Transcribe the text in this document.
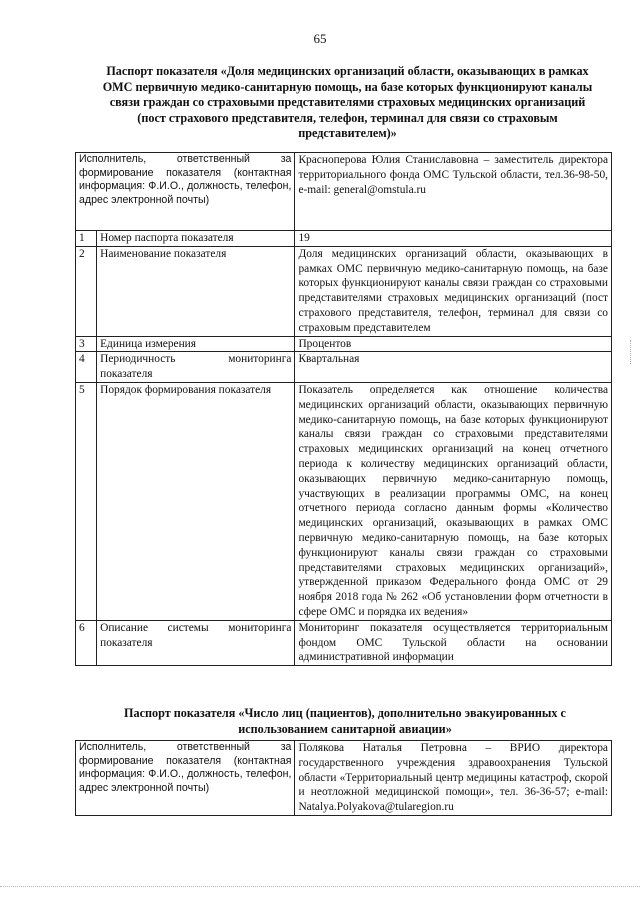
65
Паспорт показателя «Доля медицинских организаций области, оказывающих в рамках ОМС первичную медико-санитарную помощь, на базе которых функционируют каналы связи граждан со страховыми представителями страховых медицинских организаций (пост страхового представителя, телефон, терминал для связи со страховым представителем)»
Исполнитель, ответственный за формирование показателя (контактная информация: Ф.И.О., должность, телефон, адрес электронной почты)		Красноперова Юлия Станиславовна – заместитель директора территориального фонда ОМС Тульской области, тел.36-98-50, e-mail: general@omstula.ru
1	Номер паспорта показателя	19
2	Наименование показателя	Доля медицинских организаций области, оказывающих в рамках ОМС первичную медико-санитарную помощь, на базе которых функционируют каналы связи граждан со страховыми представителями страховых медицинских организаций (пост страхового представителя, телефон, терминал для связи со страховым представителем
3	Единица измерения	Процентов
4	Периодичность мониторинга показателя	Квартальная
5	Порядок формирования показателя	Показатель определяется как отношение количества медицинских организаций области, оказывающих первичную медико-санитарную помощь, на базе которых функционируют каналы связи граждан со страховыми представителями страховых медицинских организаций на конец отчетного периода к количеству медицинских организаций области, оказывающих первичную медико-санитарную помощь, участвующих в реализации программы ОМС, на конец отчетного периода согласно данным формы «Количество медицинских организаций, оказывающих в рамках ОМС первичную медико-санитарную помощь, на базе которых функционируют каналы связи граждан со страховыми представителями страховых медицинских организаций», утвержденной приказом Федерального фонда ОМС от 29 ноября 2018 года № 262 «Об установлении форм отчетности в сфере ОМС и порядка их ведения»
6	Описание системы мониторинга показателя	Мониторинг показателя осуществляется территориальным фондом ОМС Тульской области на основании административной информации
Паспорт показателя «Число лиц (пациентов), дополнительно эвакуированных с использованием санитарной авиации»
Исполнитель, ответственный за формирование показателя (контактная информация: Ф.И.О., должность, телефон, адрес электронной почты)	Полякова Наталья Петровна – ВРИО директора государственного учреждения здравоохранения Тульской области «Территориальный центр медицины катастроф, скорой и неотложной медицинской помощи», тел. 36-36-57; e-mail: Natalya.Polyakova@tularegion.ru
